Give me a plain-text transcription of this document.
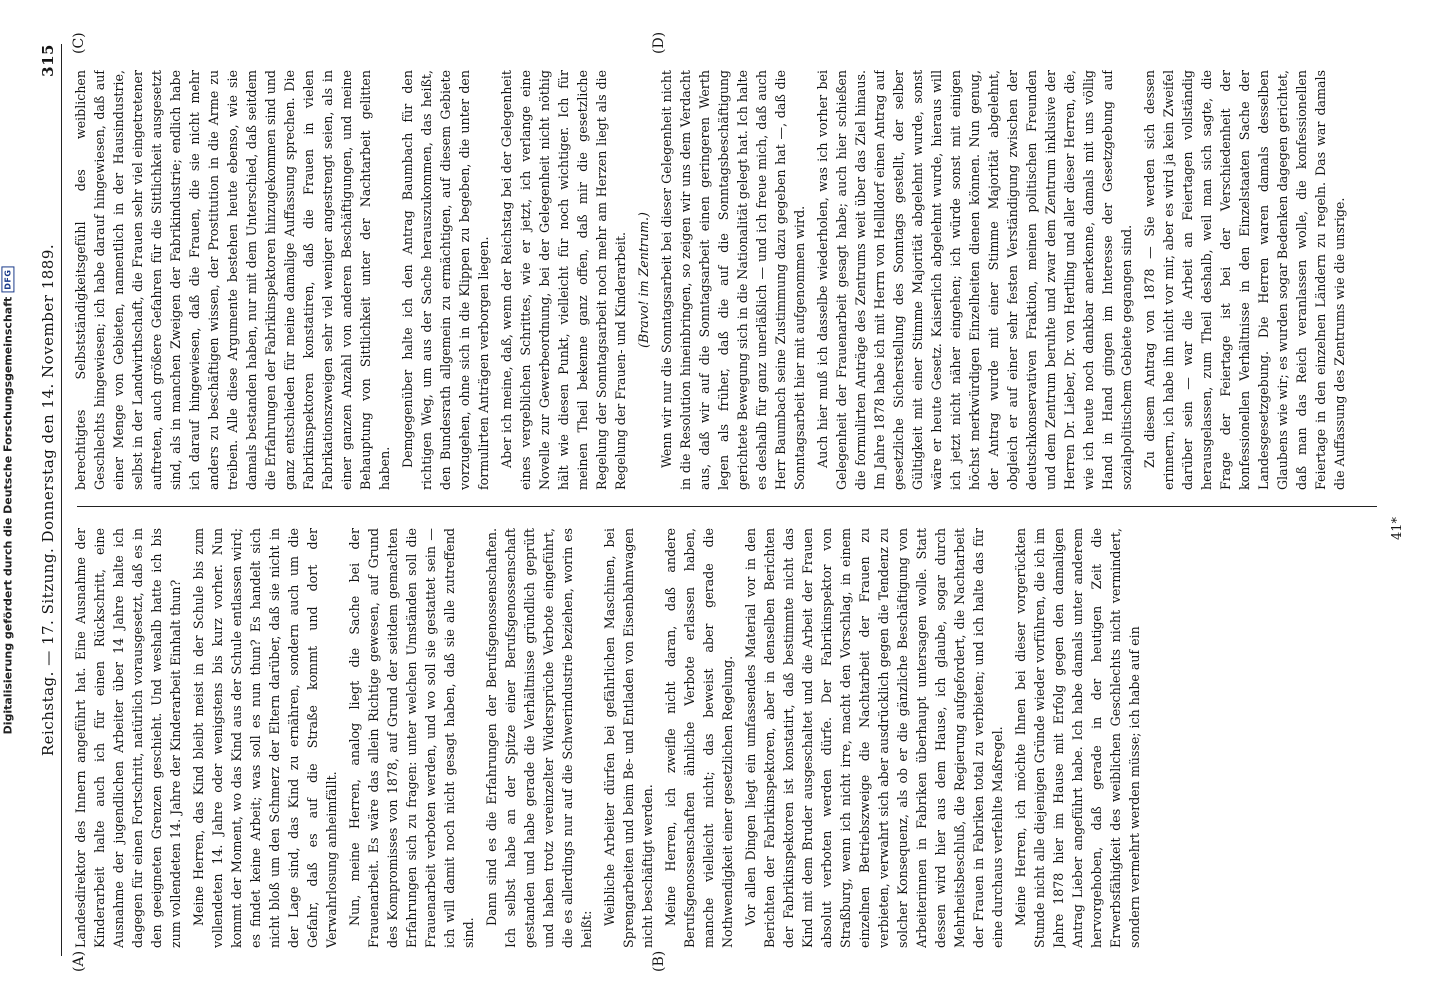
Reichstag. — 17. Sitzung. Donnerstag den 14. November 1889.
315
(A)	(B)
(C)	(D)

Landesdirektor des Innern angeführt hat. Eine Ausnahme der Kinderarbeit halte auch ich für einen Rückschritt, eine Ausnahme der jugendlichen Arbeiter über 14 Jahre halte ich dagegen für einen Fortschritt, natürlich vorausgesetzt, daß es in den geeigneten Grenzen geschieht. Und weshalb hatte ich bis zum vollendeten 14. Jahre der Kinderarbeit Einhalt thun? Meine Herren, das Kind bleibt meist in der Schule bis zum vollendeten 14. Jahre oder wenigstens bis kurz vorher. Nun kommt der Moment, wo das Kind aus der Schule entlassen wird; es findet keine Arbeit; was soll es nun thun? Es handelt sich nicht bloß um den Schmerz der Eltern darüber, daß sie nicht in der Lage sind, das Kind zu ernähren, sondern auch um die Gefahr, daß es auf die Straße kommt und dort der Verwahrlosung anheimfällt. Nun, meine Herren, analog liegt die Sache bei der Frauenarbeit. Es wäre das allein Richtige gewesen, auf Grund des Kompromisses von 1878, auf Grund der seitdem gemachten Erfahrungen sich zu fragen: unter welchen Umständen soll die Frauenarbeit verboten werden, und wo soll sie gestattet sein — ich will damit noch nicht gesagt haben, daß sie alle zutreffend sind.

Dann sind es die Erfahrungen der Berufsgenossenschaften. Ich selbst habe an der Spitze einer Berufsgenossenschaft gestanden und habe gerade die Verhältnisse gründlich geprüft und haben trotz vereinzelter Widersprüche Verbote eingeführt, die es allerdings nur auf die Schwerindustrie beziehen, worin es heißt:

Weibliche Arbeiter dürfen bei gefährlichen Maschinen, bei Sprengarbeiten und beim Be- und Entladen von Eisenbahnwagen nicht beschäftigt werden. Meine Herren, ich zweifle nicht daran, daß andere Berufsgenossenschaften ähnliche Verbote erlassen haben, manche vielleicht nicht; das beweist aber gerade die Nothwendigkeit einer gesetzlichen Regelung. Vor allen Dingen liegt ein umfassendes Material vor in den Berichten der Fabrikinspektoren, aber in denselben Berichten der Fabrikinspektoren ist konstatirt, daß bestimmte nicht das Kind mit dem Bruder ausgeschaltet und die Arbeit der Frauen absolut verboten werden dürfe. Der Fabrikinspektor von Straßburg, wenn ich nicht irre, macht den Vorschlag, in einem einzelnen Betriebszweige die Nachtarbeit der Frauen zu verbieten, verwahrt sich aber ausdrücklich gegen die Tendenz zu solcher Konsequenz, als ob er die gänzliche Beschäftigung von Arbeiterinnen in Fabriken überhaupt untersagen wolle. Statt dessen wird hier aus dem Hause, ich glaube, sogar durch Mehrheitsbeschluß, die Regierung aufgefordert, die Nachtarbeit der Frauen in Fabriken total zu verbieten; und ich halte das für eine durchaus verfehlte Maßregel. Meine Herren, ich möchte Ihnen bei dieser vorgerückten Stunde nicht alle diejenigen Gründe wieder vorführen, die ich im Jahre 1878 hier im Hause mit Erfolg gegen den damaligen Antrag Lieber angeführt habe. Ich habe damals unter anderem hervorgehoben, daß gerade in der heutigen Zeit die Erwerbsfähigkeit des weiblichen Geschlechts nicht vermindert, sondern vermehrt werden müsse; ich habe auf ein

berechtigtes Selbstständigkeitsgefühl des weiblichen Geschlechts hingewiesen; ich habe darauf hingewiesen, daß auf einer Menge von Gebieten, namentlich in der Hausindustrie, selbst in der Landwirthschaft, die Frauen sehr viel eingetretener auftreten, auch größere Gefahren für die Sittlichkeit ausgesetzt sind, als in manchen Zweigen der Fabrikindustrie; endlich habe ich darauf hingewiesen, daß die Frauen, die sie nicht mehr anders zu beschäftigen wissen, der Prostitution in die Arme zu treiben. Alle diese Argumente bestehen heute ebenso, wie sie damals bestanden haben, nur mit dem Unterschied, daß seitdem die Erfahrungen der Fabrikinspektoren hinzugekommen sind und ganz entschieden für meine damalige Auffassung sprechen. Die Fabrikinspektoren konstatiren, daß die Frauen in vielen Fabrikationszweigen sehr viel weniger angestrengt seien, als in einer ganzen Anzahl von anderen Beschäftigungen, und meine Behauptung von Sittlichkeit unter der Nachtarbeit gelitten haben.

Demgegenüber halte ich den Antrag Baumbach für den richtigen Weg, um aus der Sache herauszukommen, das heißt, den Bundesrath allgemein zu ermächtigen, auf diesem Gebiete vorzugehen, ohne sich in die Klippen zu begeben, die unter den formulirten Anträgen verborgen liegen. Aber ich meine, daß, wenn der Reichstag bei der Gelegenheit eines vergeblichen Schrittes, wie er jetzt, ich verlange eine Novelle zur Gewerbeordnung, bei der Gelegenheit nicht nöthig hält wie diesen Punkt, vielleicht für noch wichtiger. Ich für meinen Theil bekenne ganz offen, daß mir die gesetzliche Regelung der Sonntagsarbeit noch mehr am Herzen liegt als die Regelung der Frauen- und Kinderarbeit. (Bravo! im Zentrum.) Wenn wir nur die Sonntagsarbeit bei dieser Gelegenheit nicht in die Resolution hineinbringen, so zeigen wir uns dem Verdacht aus, daß wir auf die Sonntagsarbeit einen geringeren Werth legen als früher, daß die auf die Sonntagsbeschäftigung gerichtete Bewegung sich in die Nationalität gelegt hat. Ich halte es deshalb für ganz unerläßlich — und ich freue mich, daß auch Herr Baumbach seine Zustimmung dazu gegeben hat —, daß die Sonntagsarbeit hier mit aufgenommen wird. Auch hier muß ich dasselbe wiederholen, was ich vorher bei Gelegenheit der Frauenarbeit gesagt habe; auch hier schießen die formulirten Anträge des Zentrums weit über das Ziel hinaus. Im Jahre 1878 habe ich mit Herrn von Hellldorf einen Antrag auf gesetzliche Sicherstellung des Sonntags gestellt, der selber Gültigkeit mit einer Stimme Majorität abgelehnt wurde, sonst wäre er heute Gesetz. Kaiserlich abgelehnt wurde, hieraus will ich jetzt nicht näher eingehen; ich würde sonst mit einigen höchst merkwürdigen Einzelheiten dienen können. Nun genug, der Antrag wurde mit einer Stimme Majorität abgelehnt, obgleich er auf einer sehr festen Verständigung zwischen der deutschkonservativen Fraktion, meinen politischen Freunden und dem Zentrum beruhte und zwar dem Zentrum inklusive der Herren Dr. Lieber, Dr. von Hertling und aller dieser Herren, die, wie ich heute noch dankbar anerkenne, damals mit uns völlig Hand in Hand gingen im Interesse der Gesetzgebung auf sozialpolitischem Gebiete gegangen sind. Zu diesem Antrag von 1878 — Sie werden sich dessen erinnern, ich habe ihn nicht vor mir, aber es wird ja kein Zweifel darüber sein — war die Arbeit an Feiertagen vollständig herausgelassen, zum Theil deshalb, weil man sich sagte, die Frage der Feiertage ist bei der Verschiedenheit der konfessionellen Verhältnisse in den Einzelstaaten Sache der Landesgesetzgebung. Die Herren waren damals desselben Glaubens wie wir; es wurden sogar Bedenken dagegen gerichtet, daß man das Reich veranlassen wolle, die konfessionellen Feiertage in den einzelnen Ländern zu regeln. Das war damals die Auffassung des Zentrums wie die unsrige.

41*
Digitalisierung gefördert durch die Deutsche Forschungsgemeinschaft
DFG
